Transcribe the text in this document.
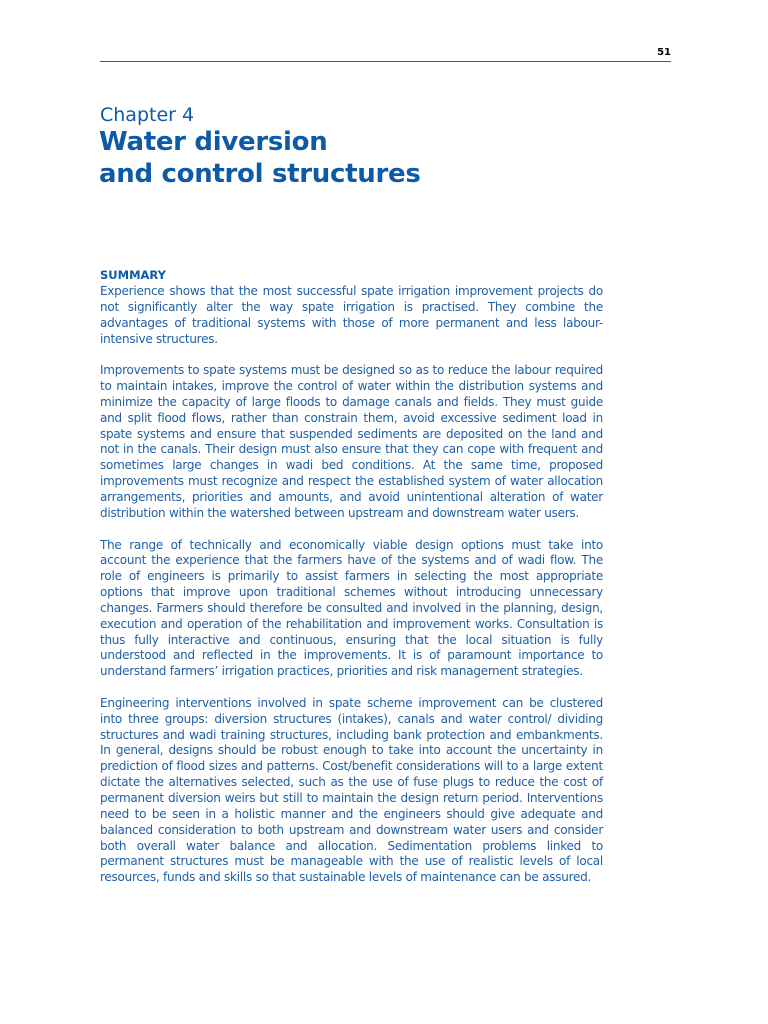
51
Chapter 4
Water diversion
and control structures
SUMMARY

Experience shows that the most successful spate irrigation improvement projects do not significantly alter the way spate irrigation is practised. They combine the advantages of traditional systems with those of more permanent and less labour-intensive structures.

Improvements to spate systems must be designed so as to reduce the labour required to maintain intakes, improve the control of water within the distribution systems and minimize the capacity of large floods to damage canals and fields. They must guide and split flood flows, rather than constrain them, avoid excessive sediment load in spate systems and ensure that suspended sediments are deposited on the land and not in the canals. Their design must also ensure that they can cope with frequent and sometimes large changes in wadi bed conditions. At the same time, proposed improvements must recognize and respect the established system of water allocation arrangements, priorities and amounts, and avoid unintentional alteration of water distribution within the watershed between upstream and downstream water users.

The range of technically and economically viable design options must take into account the experience that the farmers have of the systems and of wadi flow. The role of engineers is primarily to assist farmers in selecting the most appropriate options that improve upon traditional schemes without introducing unnecessary changes. Farmers should therefore be consulted and involved in the planning, design, execution and operation of the rehabilitation and improvement works. Consultation is thus fully interactive and continuous, ensuring that the local situation is fully understood and reflected in the improvements. It is of paramount importance to understand farmers’ irrigation practices, priorities and risk management strategies.

Engineering interventions involved in spate scheme improvement can be clustered into three groups: diversion structures (intakes), canals and water control/ dividing structures and wadi training structures, including bank protection and embankments. In general, designs should be robust enough to take into account the uncertainty in prediction of flood sizes and patterns. Cost/benefit considerations will to a large extent dictate the alternatives selected, such as the use of fuse plugs to reduce the cost of permanent diversion weirs but still to maintain the design return period. Interventions need to be seen in a holistic manner and the engineers should give adequate and balanced consideration to both upstream and downstream water users and consider both overall water balance and allocation. Sedimentation problems linked to permanent structures must be manageable with the use of realistic levels of local resources, funds and skills so that sustainable levels of maintenance can be assured.
